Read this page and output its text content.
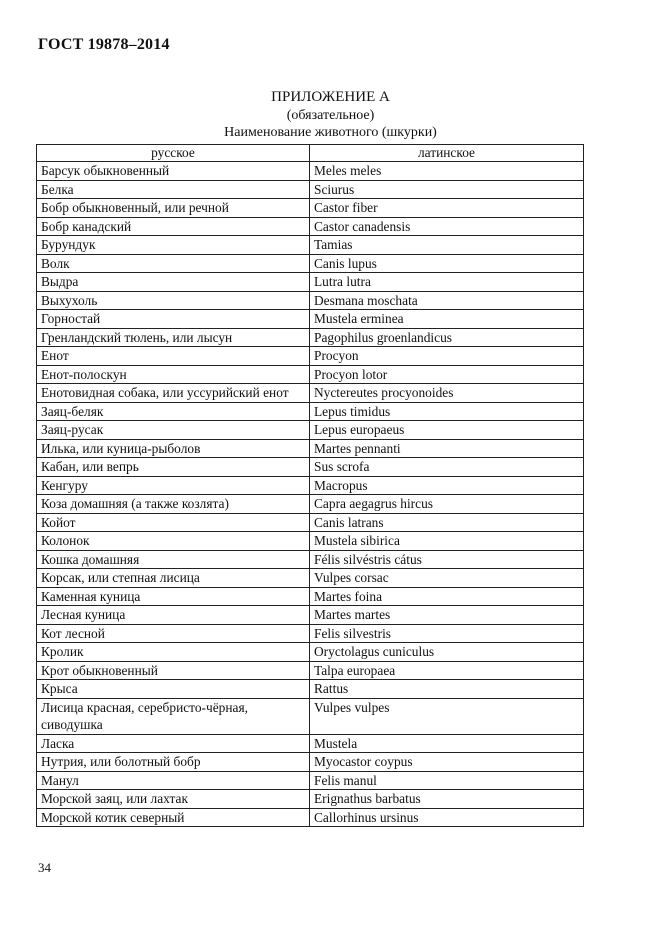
ГОСТ 19878–2014
ПРИЛОЖЕНИЕ А
(обязательное)
Наименование животного (шкурки)
русское	латинское
Барсук обыкновенный	Meles meles
Белка	Sciurus
Бобр обыкновенный, или речной	Castor fiber
Бобр канадский	Castor canadensis
Бурундук	Tamias
Волк	Canis lupus
Выдра	Lutra lutra
Выхухоль	Desmana moschata
Горностай	Mustela erminea
Гренландский тюлень, или лысун	Pagophilus groenlandicus
Енот	Procyon
Енот-полоскун	Procyon lotor
Енотовидная собака, или уссурийский енот	Nyctereutes procyonoides
Заяц-беляк	Lepus timidus
Заяц-русак	Lepus europaeus
Илька, или куница-рыболов	Martes pennanti
Кабан, или вепрь	Sus scrofa
Кенгуру	Macropus
Коза домашняя (а также козлята)	Capra aegagrus hircus
Койот	Canis latrans
Колонок	Mustela sibirica
Кошка домашняя	Félis silvéstris cátus
Корсак, или степная лисица	Vulpes corsac
Каменная куница	Martes foina
Лесная куница	Martes martes
Кот лесной	Felis silvestris
Кролик	Oryctolagus cuniculus
Крот обыкновенный	Talpa europaea
Крыса	Rattus
Лисица красная, серебристо-чёрная, сиводушка	Vulpes vulpes
Ласка	Mustela
Нутрия, или болотный бобр	Myocastor coypus
Манул	Felis manul
Морской заяц, или лахтак	Erignathus barbatus
Морской котик северный	Callorhinus ursinus
34
